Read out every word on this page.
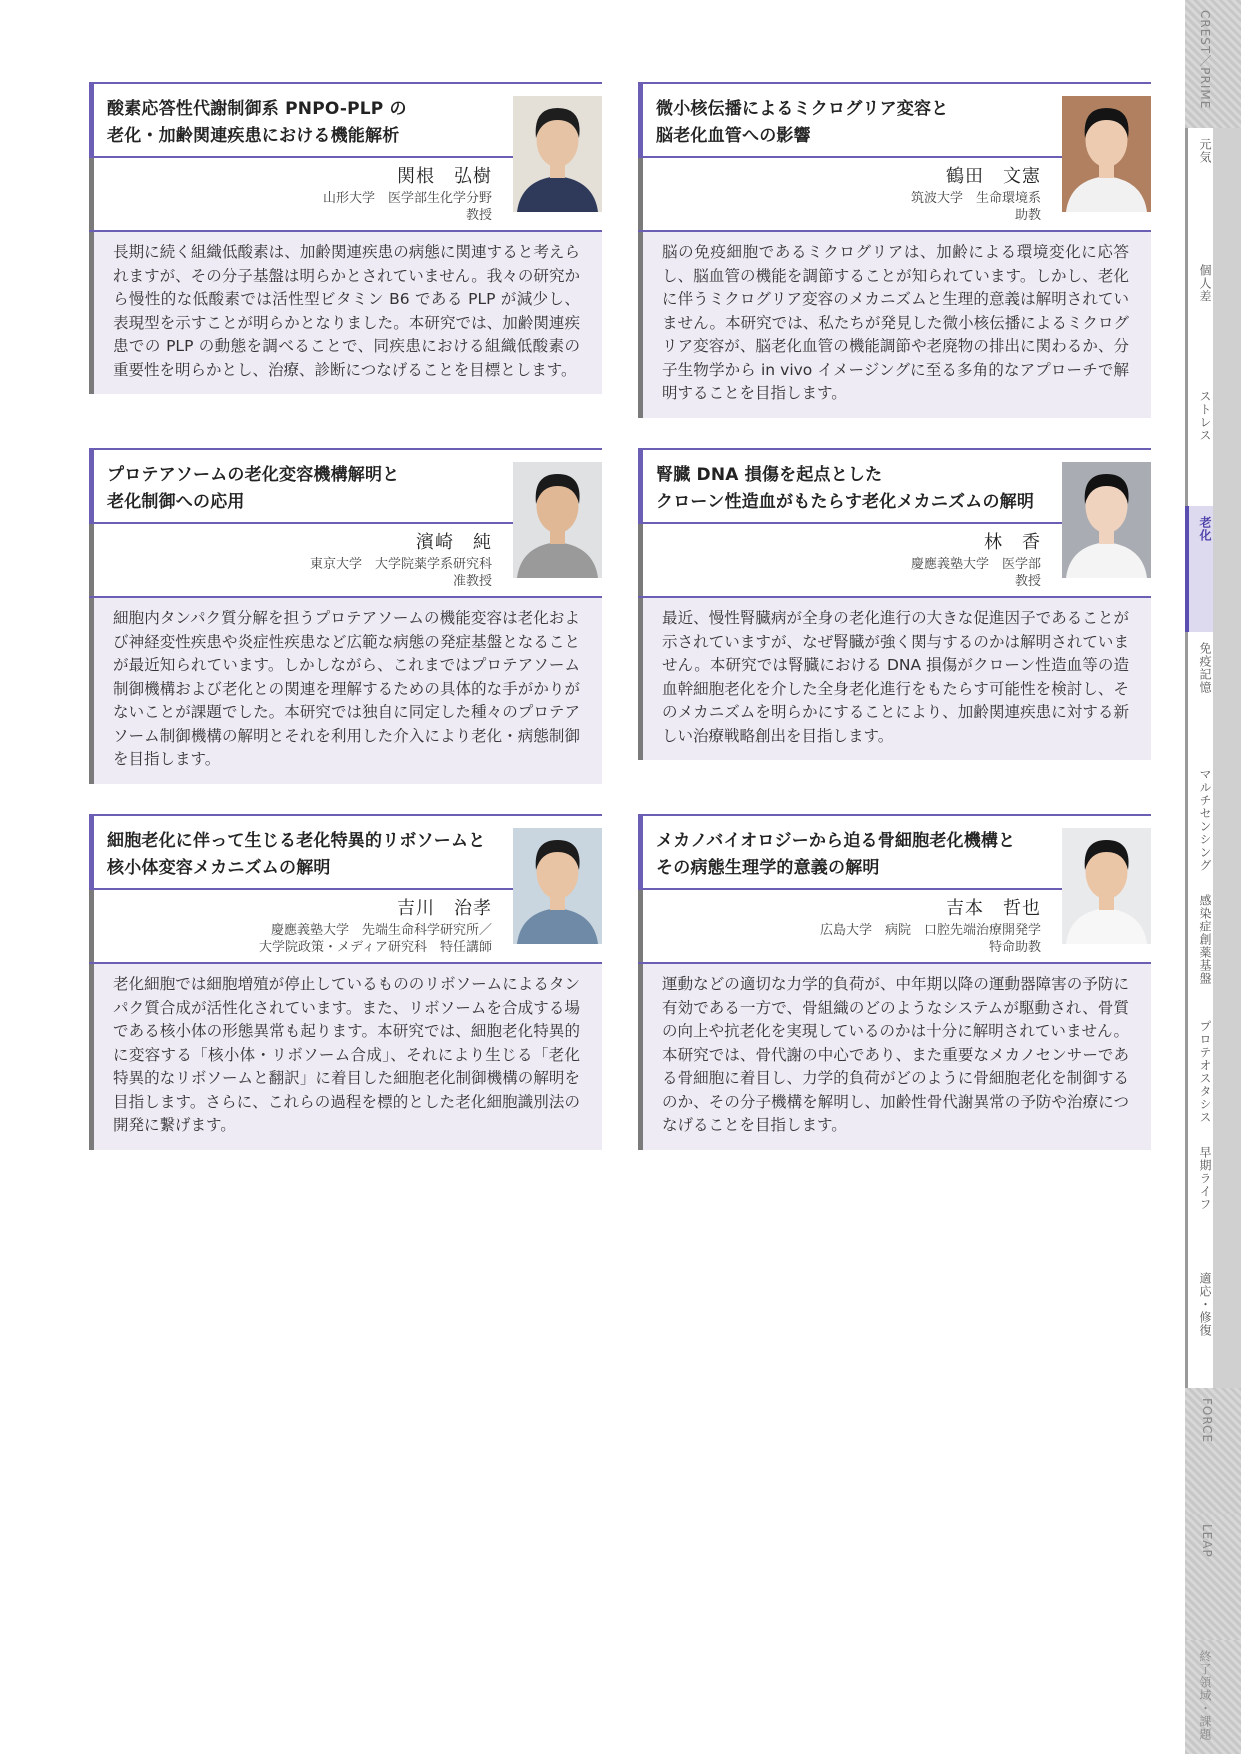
酸素応答性代謝制御系 PNPO-PLP の
老化・加齢関連疾患における機能解析
関根　弘樹
山形大学　医学部生化学分野
教授
長期に続く組織低酸素は、加齢関連疾患の病態に関連すると考えられますが、その分子基盤は明らかとされていません。我々の研究から慢性的な低酸素では活性型ビタミン B6 である PLP が減少し、表現型を示すことが明らかとなりました。本研究では、加齢関連疾患での PLP の動態を調べることで、同疾患における組織低酸素の重要性を明らかとし、治療、診断につなげることを目標とします。
微小核伝播によるミクログリア変容と
脳老化血管への影響
鶴田　文憲
筑波大学　生命環境系
助教
脳の免疫細胞であるミクログリアは、加齢による環境変化に応答し、脳血管の機能を調節することが知られています。しかし、老化に伴うミクログリア変容のメカニズムと生理的意義は解明されていません。本研究では、私たちが発見した微小核伝播によるミクログリア変容が、脳老化血管の機能調節や老廃物の排出に関わるか、分子生物学から in vivo イメージングに至る多角的なアプローチで解明することを目指します。
プロテアソームの老化変容機構解明と
老化制御への応用
濱崎　純
東京大学　大学院薬学系研究科
准教授
細胞内タンパク質分解を担うプロテアソームの機能変容は老化および神経変性疾患や炎症性疾患など広範な病態の発症基盤となることが最近知られています。しかしながら、これまではプロテアソーム制御機構および老化との関連を理解するための具体的な手がかりがないことが課題でした。本研究では独自に同定した種々のプロテアソーム制御機構の解明とそれを利用した介入により老化・病態制御を目指します。
腎臓 DNA 損傷を起点とした
クローン性造血がもたらす老化メカニズムの解明
林　香
慶應義塾大学　医学部
教授
最近、慢性腎臓病が全身の老化進行の大きな促進因子であることが示されていますが、なぜ腎臓が強く関与するのかは解明されていません。本研究では腎臓における DNA 損傷がクローン性造血等の造血幹細胞老化を介した全身老化進行をもたらす可能性を検討し、そのメカニズムを明らかにすることにより、加齢関連疾患に対する新しい治療戦略創出を目指します。
細胞老化に伴って生じる老化特異的リボソームと
核小体変容メカニズムの解明
吉川　治孝
慶應義塾大学　先端生命科学研究所／
大学院政策・メディア研究科　特任講師
老化細胞では細胞増殖が停止しているもののリボソームによるタンパク質合成が活性化されています。また、リボソームを合成する場である核小体の形態異常も起ります。本研究では、細胞老化特異的に変容する「核小体・リボソーム合成」、それにより生じる「老化特異的なリボソームと翻訳」に着目した細胞老化制御機構の解明を目指します。さらに、これらの過程を標的とした老化細胞識別法の開発に繋げます。
メカノバイオロジーから迫る骨細胞老化機構と
その病態生理学的意義の解明
吉本　哲也
広島大学　病院　口腔先端治療開発学
特命助教
運動などの適切な力学的負荷が、中年期以降の運動器障害の予防に有効である一方で、骨組織のどのようなシステムが駆動され、骨質の向上や抗老化を実現しているのかは十分に解明されていません。本研究では、骨代謝の中心であり、また重要なメカノセンサーである骨細胞に着目し、力学的負荷がどのように骨細胞老化を制御するのか、その分子機構を解明し、加齢性骨代謝異常の予防や治療につなげることを目指します。
CREST／PRIME
元気
個人差
ストレス
老化
免疫記憶
マルチセンシング
感染症創薬基盤
プロテオスタシス
早期ライフ
適応・修復
FORCE
LEAP
終了領域・課題
